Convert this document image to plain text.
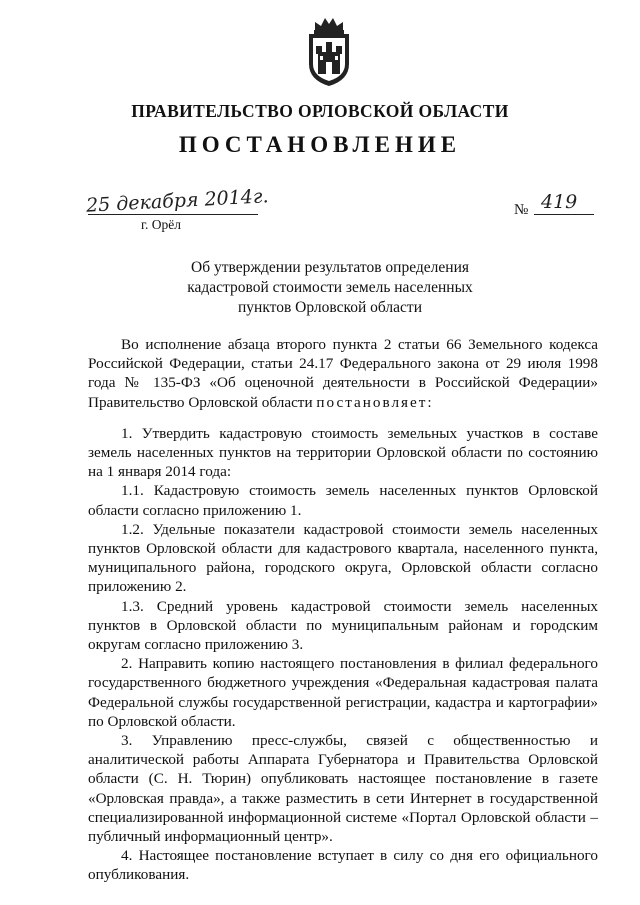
ПРАВИТЕЛЬСТВО ОРЛОВСКОЙ ОБЛАСТИ
ПОСТАНОВЛЕНИЕ
25 декабря 2014г.
г. Орёл
№ 419
Об утверждении результатов определения кадастровой стоимости земель населенных пунктов Орловской области

Во исполнение абзаца второго пункта 2 статьи 66 Земельного кодекса Российской Федерации, статьи 24.17 Федерального закона от 29 июля 1998 года № 135-ФЗ «Об оценочной деятельности в Российской Федерации» Правительство Орловской области постановляет:

1. Утвердить кадастровую стоимость земельных участков в составе земель населенных пунктов на территории Орловской области по состоянию на 1 января 2014 года:

1.1. Кадастровую стоимость земель населенных пунктов Орловской области согласно приложению 1.

1.2. Удельные показатели кадастровой стоимости земель населенных пунктов Орловской области для кадастрового квартала, населенного пункта, муниципального района, городского округа, Орловской области согласно приложению 2.

1.3. Средний уровень кадастровой стоимости земель населенных пунктов в Орловской области по муниципальным районам и городским округам согласно приложению 3.

2. Направить копию настоящего постановления в филиал федерального государственного бюджетного учреждения «Федеральная кадастровая палата Федеральной службы государственной регистрации, кадастра и картографии» по Орловской области.

3. Управлению пресс-службы, связей с общественностью и аналитической работы Аппарата Губернатора и Правительства Орловской области (С. Н. Тюрин) опубликовать настоящее постановление в газете «Орловская правда», а также разместить в сети Интернет в государственной специализированной информационной системе «Портал Орловской области – публичный информационный центр».

4. Настоящее постановление вступает в силу со дня его официального опубликования.
